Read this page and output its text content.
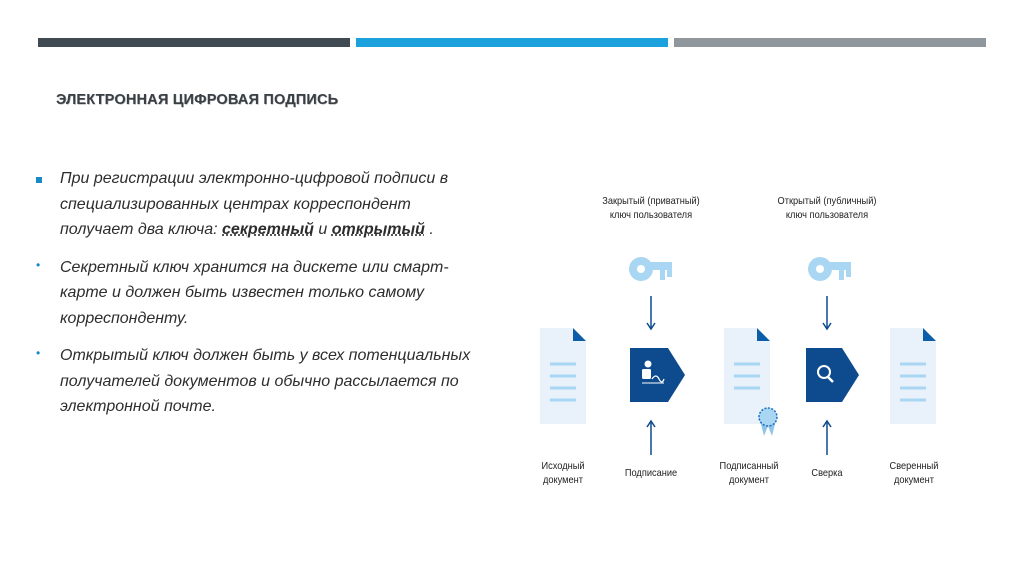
ЭЛЕКТРОННАЯ ЦИФРОВАЯ ПОДПИСЬ
При регистрации электронно-цифровой подписи в специализированных центрах корреспондент получает два ключа: секретный и открытый .
• Секретный ключ хранится на дискете или смарт-карте и должен быть известен только самому корреспонденту.
• Открытый ключ должен быть у всех потенциальных получателей документов и обычно рассылается по электронной почте.
Закрытый (приватный)
ключ пользователя
Открытый (публичный)
ключ пользователя
Исходный
документ
Подписание
Подписанный
документ
Сверка
Сверенный
документ
